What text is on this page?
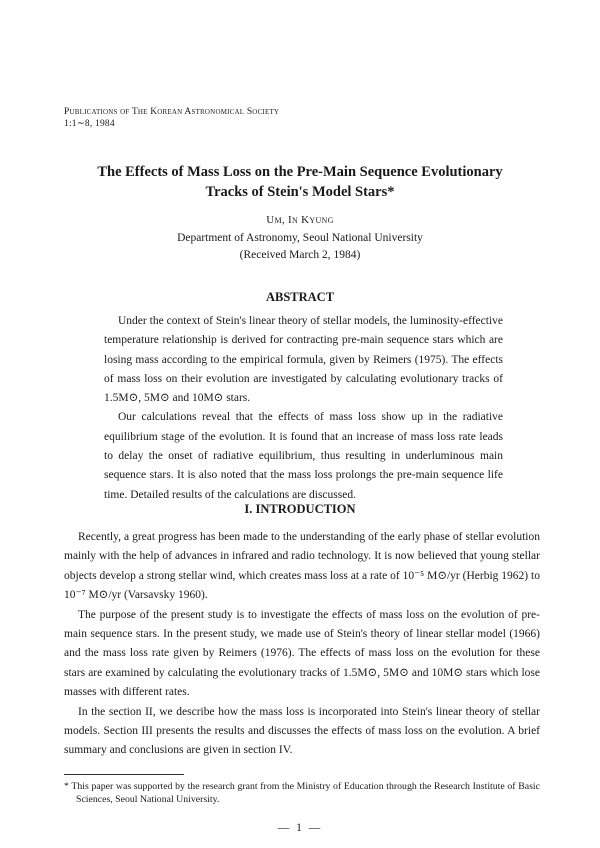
Publications of The Korean Astronomical Society
1:1∼8, 1984
The Effects of Mass Loss on the Pre-Main Sequence Evolutionary
Tracks of Stein's Model Stars*
Um, In Kyung
Department of Astronomy, Seoul National University
(Received March 2, 1984)
ABSTRACT

Under the context of Stein's linear theory of stellar models, the luminosity-effective temperature relationship is derived for contracting pre-main sequence stars which are losing mass according to the empirical formula, given by Reimers (1975). The effects of mass loss on their evolution are investigated by calculating evolutionary tracks of 1.5M⊙, 5M⊙ and 10M⊙ stars.

Our calculations reveal that the effects of mass loss show up in the radiative equilibrium stage of the evolution. It is found that an increase of mass loss rate leads to delay the onset of radiative equilibrium, thus resulting in underluminous main sequence stars. It is also noted that the mass loss prolongs the pre-main sequence life time. Detailed results of the calculations are discussed.

I. INTRODUCTION

Recently, a great progress has been made to the understanding of the early phase of stellar evolution mainly with the help of advances in infrared and radio technology. It is now believed that young stellar objects develop a strong stellar wind, which creates mass loss at a rate of 10⁻⁵ M⊙/yr (Herbig 1962) to 10⁻⁷ M⊙/yr (Varsavsky 1960).

The purpose of the present study is to investigate the effects of mass loss on the evolution of pre-main sequence stars. In the present study, we made use of Stein's theory of linear stellar model (1966) and the mass loss rate given by Reimers (1976). The effects of mass loss on the evolution for these stars are examined by calculating the evolutionary tracks of 1.5M⊙, 5M⊙ and 10M⊙ stars which lose masses with different rates.

In the section II, we describe how the mass loss is incorporated into Stein's linear theory of stellar models. Section III presents the results and discusses the effects of mass loss on the evolution. A brief summary and conclusions are given in section IV.

* This paper was supported by the research grant from the Ministry of Education through the Research Institute of Basic Sciences, Seoul National University.
— 1 —
